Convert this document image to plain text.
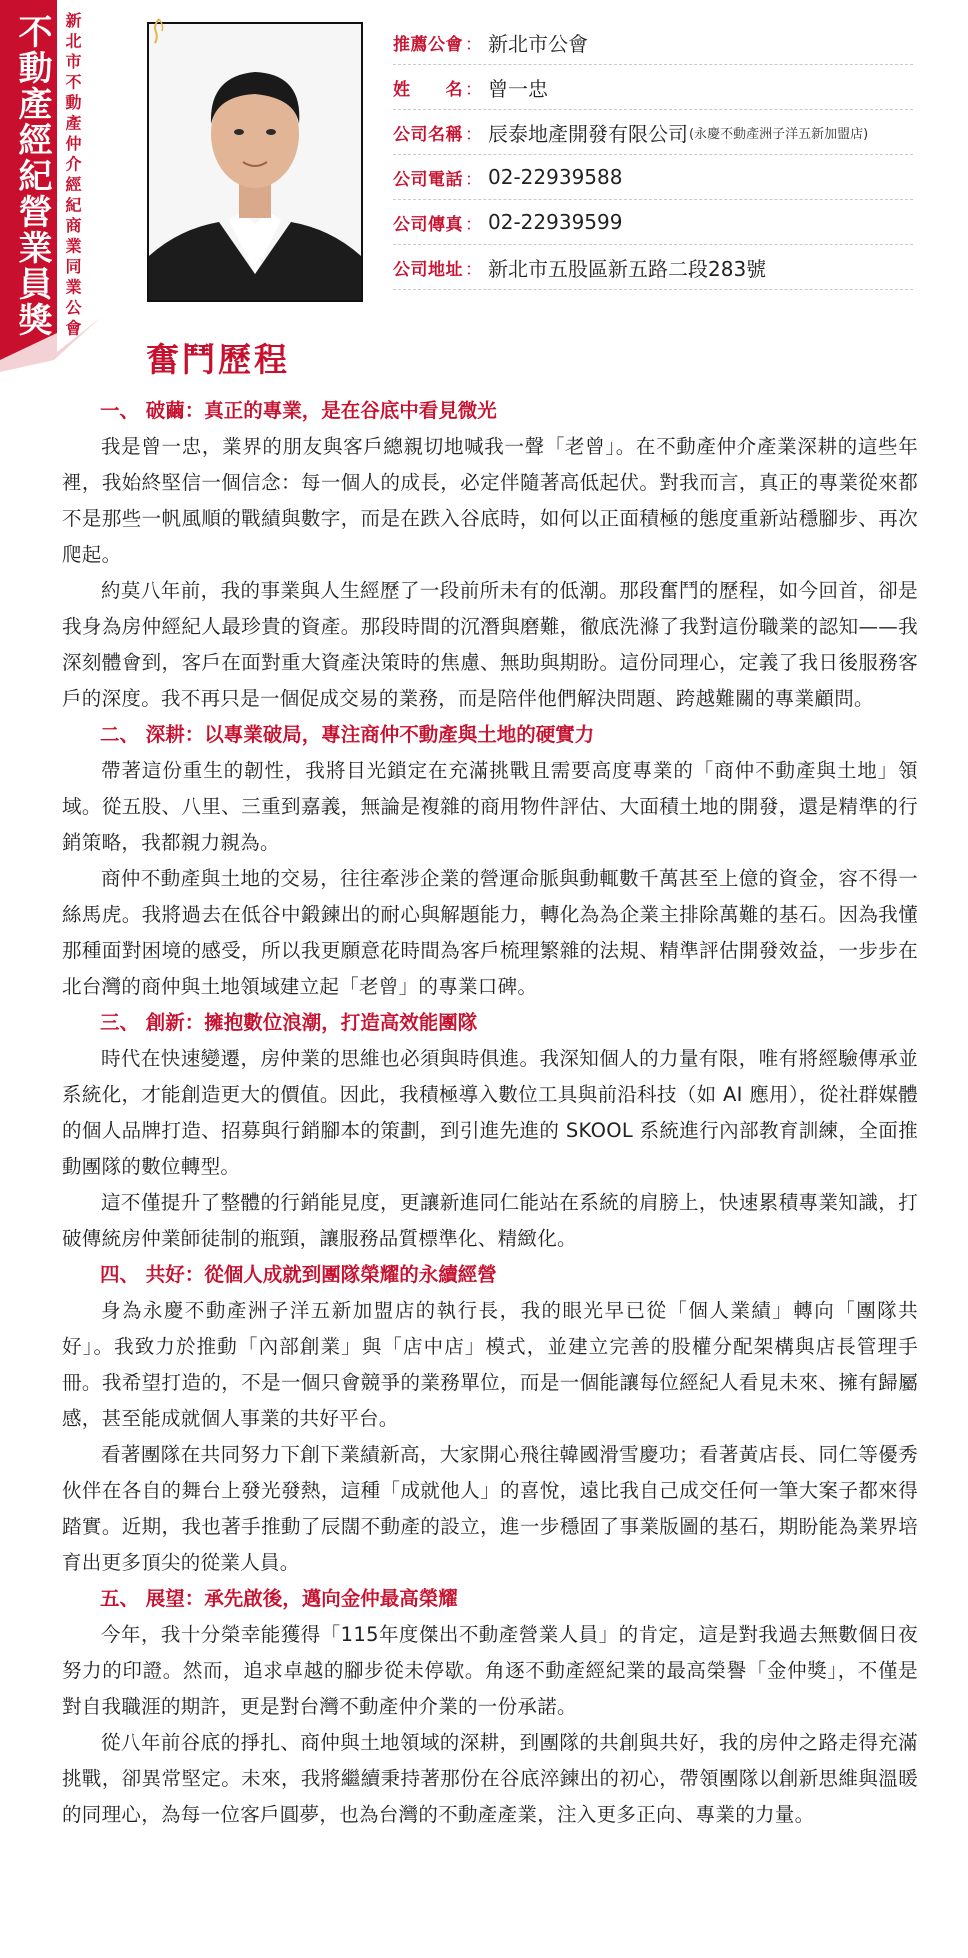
不動產經紀營業員獎 新北市不動產仲介經紀商業同業公會	推薦公會 ： 新北市公會
姓　　名 ： 曾一忠
公司名稱 ： 辰泰地產開發有限公司 (永慶不動產洲子洋五新加盟店)
公司電話 ： 02-22939588
公司傳真 ： 02-22939599
公司地址 ： 新北市五股區新五路二段283號
奮鬥歷程
一、 破繭：真正的專業，是在谷底中看見微光

我是曾一忠，業界的朋友與客戶總親切地喊我一聲「老曾」。在不動產仲介產業深耕的這些年裡，我始終堅信一個信念：每一個人的成長，必定伴隨著高低起伏。對我而言，真正的專業從來都不是那些一帆風順的戰績與數字，而是在跌入谷底時，如何以正面積極的態度重新站穩腳步、再次爬起。

約莫八年前，我的事業與人生經歷了一段前所未有的低潮。那段奮鬥的歷程，如今回首，卻是我身為房仲經紀人最珍貴的資產。那段時間的沉潛與磨難，徹底洗滌了我對這份職業的認知——我深刻體會到，客戶在面對重大資產決策時的焦慮、無助與期盼。這份同理心，定義了我日後服務客戶的深度。我不再只是一個促成交易的業務，而是陪伴他們解決問題、跨越難關的專業顧問。

二、 深耕：以專業破局，專注商仲不動產與土地的硬實力

帶著這份重生的韌性，我將目光鎖定在充滿挑戰且需要高度專業的「商仲不動產與土地」領域。從五股、八里、三重到嘉義，無論是複雜的商用物件評估、大面積土地的開發，還是精準的行銷策略，我都親力親為。

商仲不動產與土地的交易，往往牽涉企業的營運命脈與動輒數千萬甚至上億的資金，容不得一絲馬虎。我將過去在低谷中鍛鍊出的耐心與解題能力，轉化為為企業主排除萬難的基石。因為我懂那種面對困境的感受，所以我更願意花時間為客戶梳理繁雜的法規、精準評估開發效益，一步步在北台灣的商仲與土地領域建立起「老曾」的專業口碑。

三、 創新：擁抱數位浪潮，打造高效能團隊

時代在快速變遷，房仲業的思維也必須與時俱進。我深知個人的力量有限，唯有將經驗傳承並系統化，才能創造更大的價值。因此，我積極導入數位工具與前沿科技（如 AI 應用），從社群媒體的個人品牌打造、招募與行銷腳本的策劃，到引進先進的 SKOOL 系統進行內部教育訓練，全面推動團隊的數位轉型。

這不僅提升了整體的行銷能見度，更讓新進同仁能站在系統的肩膀上，快速累積專業知識，打破傳統房仲業師徒制的瓶頸，讓服務品質標準化、精緻化。

四、 共好：從個人成就到團隊榮耀的永續經營

身為永慶不動產洲子洋五新加盟店的執行長，我的眼光早已從「個人業績」轉向「團隊共好」。我致力於推動「內部創業」與「店中店」模式，並建立完善的股權分配架構與店長管理手冊。我希望打造的，不是一個只會競爭的業務單位，而是一個能讓每位經紀人看見未來、擁有歸屬感，甚至能成就個人事業的共好平台。

看著團隊在共同努力下創下業績新高，大家開心飛往韓國滑雪慶功；看著黃店長、同仁等優秀伙伴在各自的舞台上發光發熱，這種「成就他人」的喜悅，遠比我自己成交任何一筆大案子都來得踏實。近期，我也著手推動了辰闊不動產的設立，進一步穩固了事業版圖的基石，期盼能為業界培育出更多頂尖的從業人員。

五、 展望：承先啟後，邁向金仲最高榮耀

今年，我十分榮幸能獲得「115年度傑出不動產營業人員」的肯定，這是對我過去無數個日夜努力的印證。然而，追求卓越的腳步從未停歇。角逐不動產經紀業的最高榮譽「金仲獎」，不僅是對自我職涯的期許，更是對台灣不動產仲介業的一份承諾。

從八年前谷底的掙扎、商仲與土地領域的深耕，到團隊的共創與共好，我的房仲之路走得充滿挑戰，卻異常堅定。未來，我將繼續秉持著那份在谷底淬鍊出的初心，帶領團隊以創新思維與溫暖的同理心，為每一位客戶圓夢，也為台灣的不動產產業，注入更多正向、專業的力量。
